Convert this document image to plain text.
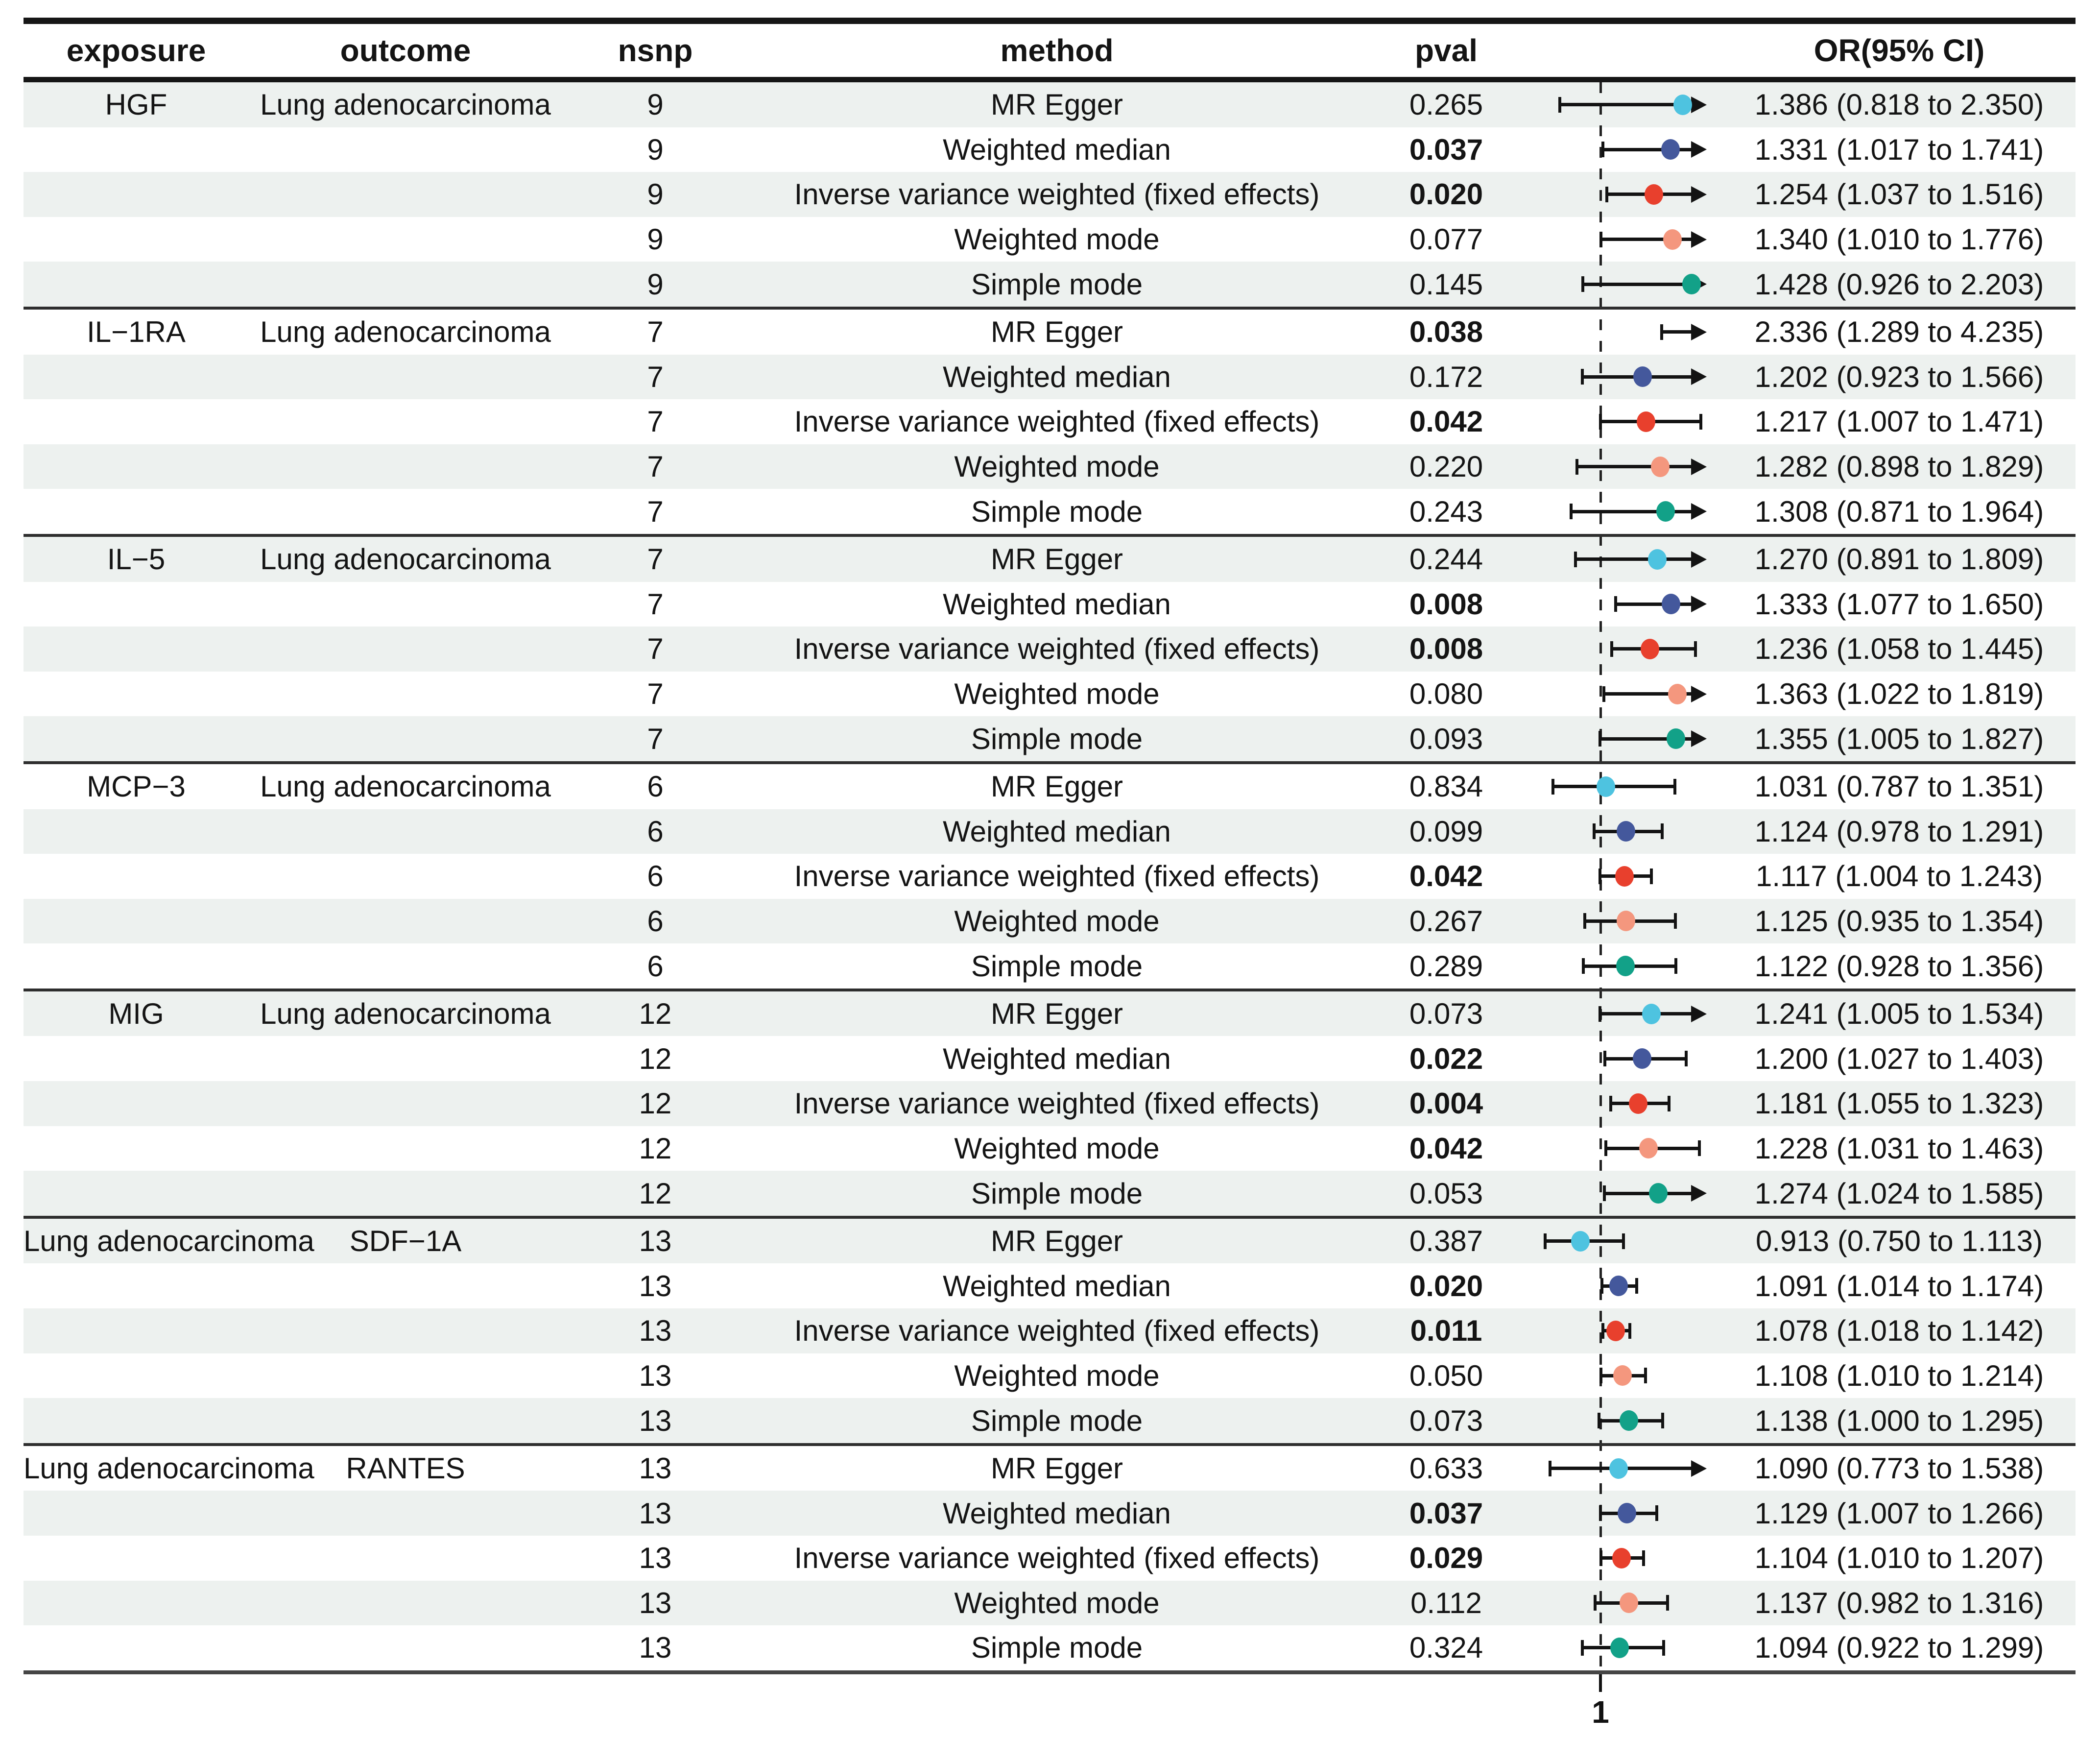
exposure	outcome	nsnp	method	pval	OR(95% CI)
HGF	Lung adenocarcinoma	9	MR Egger	0.265	1.386 (0.818 to 2.350)
9	Weighted median	0.037	1.331 (1.017 to 1.741)
9	Inverse variance weighted (fixed effects)	0.020	1.254 (1.037 to 1.516)
9	Weighted mode	0.077	1.340 (1.010 to 1.776)
9	Simple mode	0.145	1.428 (0.926 to 2.203)
IL−1RA	Lung adenocarcinoma	7	MR Egger	0.038	2.336 (1.289 to 4.235)
7	Weighted median	0.172	1.202 (0.923 to 1.566)
7	Inverse variance weighted (fixed effects)	0.042	1.217 (1.007 to 1.471)
7	Weighted mode	0.220	1.282 (0.898 to 1.829)
7	Simple mode	0.243	1.308 (0.871 to 1.964)
IL−5	Lung adenocarcinoma	7	MR Egger	0.244	1.270 (0.891 to 1.809)
7	Weighted median	0.008	1.333 (1.077 to 1.650)
7	Inverse variance weighted (fixed effects)	0.008	1.236 (1.058 to 1.445)
7	Weighted mode	0.080	1.363 (1.022 to 1.819)
7	Simple mode	0.093	1.355 (1.005 to 1.827)
MCP−3	Lung adenocarcinoma	6	MR Egger	0.834	1.031 (0.787 to 1.351)
6	Weighted median	0.099	1.124 (0.978 to 1.291)
6	Inverse variance weighted (fixed effects)	0.042	1.117 (1.004 to 1.243)
6	Weighted mode	0.267	1.125 (0.935 to 1.354)
6	Simple mode	0.289	1.122 (0.928 to 1.356)
MIG	Lung adenocarcinoma	12	MR Egger	0.073	1.241 (1.005 to 1.534)
12	Weighted median	0.022	1.200 (1.027 to 1.403)
12	Inverse variance weighted (fixed effects)	0.004	1.181 (1.055 to 1.323)
12	Weighted mode	0.042	1.228 (1.031 to 1.463)
12	Simple mode	0.053	1.274 (1.024 to 1.585)
Lung adenocarcinoma	SDF−1A	13	MR Egger	0.387	0.913 (0.750 to 1.113)
13	Weighted median	0.020	1.091 (1.014 to 1.174)
13	Inverse variance weighted (fixed effects)	0.011	1.078 (1.018 to 1.142)
13	Weighted mode	0.050	1.108 (1.010 to 1.214)
13	Simple mode	0.073	1.138 (1.000 to 1.295)
Lung adenocarcinoma	RANTES	13	MR Egger	0.633	1.090 (0.773 to 1.538)
13	Weighted median	0.037	1.129 (1.007 to 1.266)
13	Inverse variance weighted (fixed effects)	0.029	1.104 (1.010 to 1.207)
13	Weighted mode	0.112	1.137 (0.982 to 1.316)
13	Simple mode	0.324	1.094 (0.922 to 1.299)
1
